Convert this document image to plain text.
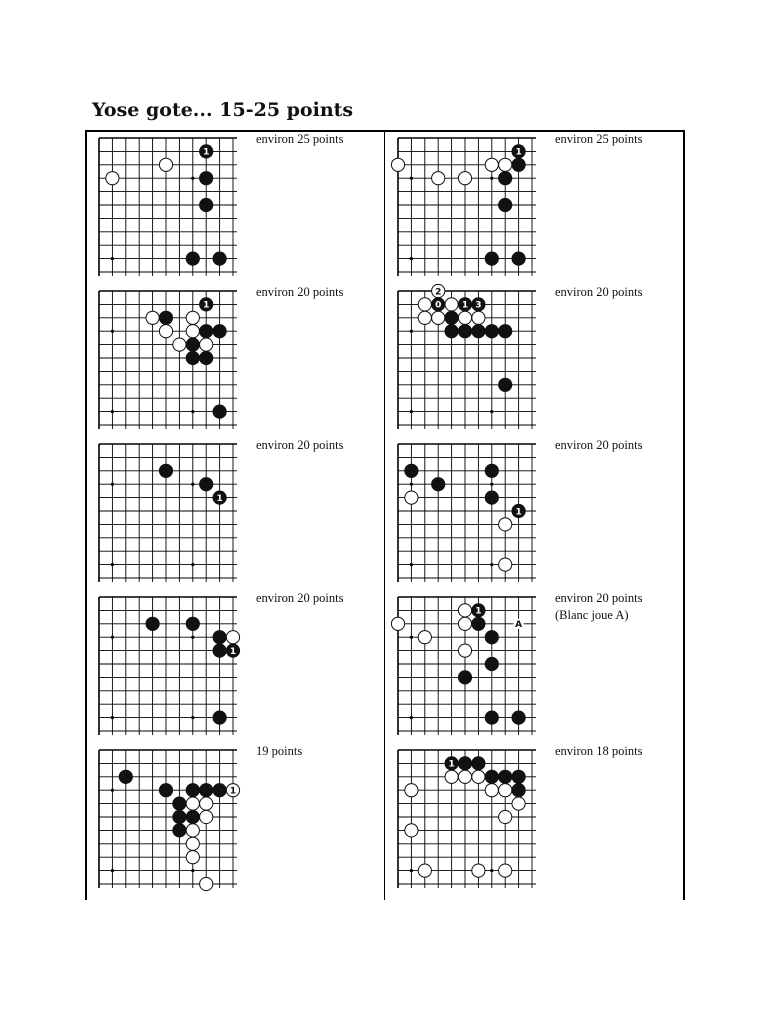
Yose gote... 15-25 points
1
environ 25 points
1
environ 25 points
1
environ 20 points	2
0 1 3
environ 20 points
1
environ 20 points
1
environ 20 points
1
environ 20 points
1
A
environ 20 points
(Blanc joue A)
1
19 points
1
environ 18 points
